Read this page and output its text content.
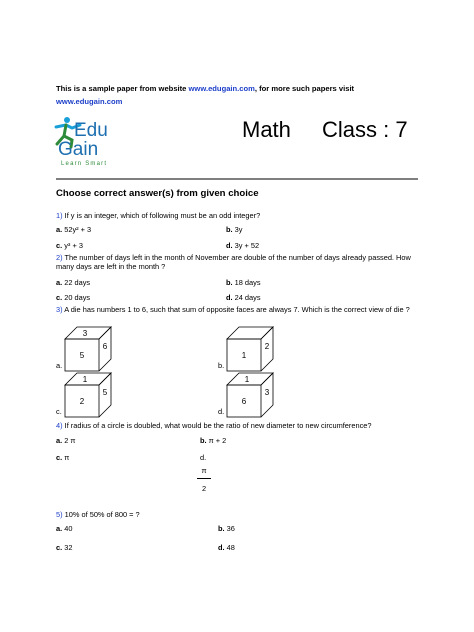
This is a sample paper from website www.edugain.com, for more such papers visit
www.edugain.com
Edu
Gain
Learn Smart
Math Class : 7
Choose correct answer(s) from given choice
1) If y is an integer, which of following must be an odd integer?
a. 52y² + 3	b. 3y
c. y³ + 3	d. 3y + 52
2) The number of days left in the month of November are double of the number of days already passed. How many days are left in the month ?
a. 22 days	b. 18 days
c. 20 days	d. 24 days
3) A die has numbers 1 to 6, such that sum of opposite faces are always 7. Which is the correct view of die ?
a.
3
5
6
b.
1
2
c.
1
2
5
d.
1
6
3
4) If radius of a circle is doubled, what would be the ratio of new diameter to new circumference?
a. 2 π	b. π + 2
c. π	d.
π
2
5) 10% of 50% of 800 = ?
a. 40	b. 36
c. 32	d. 48
